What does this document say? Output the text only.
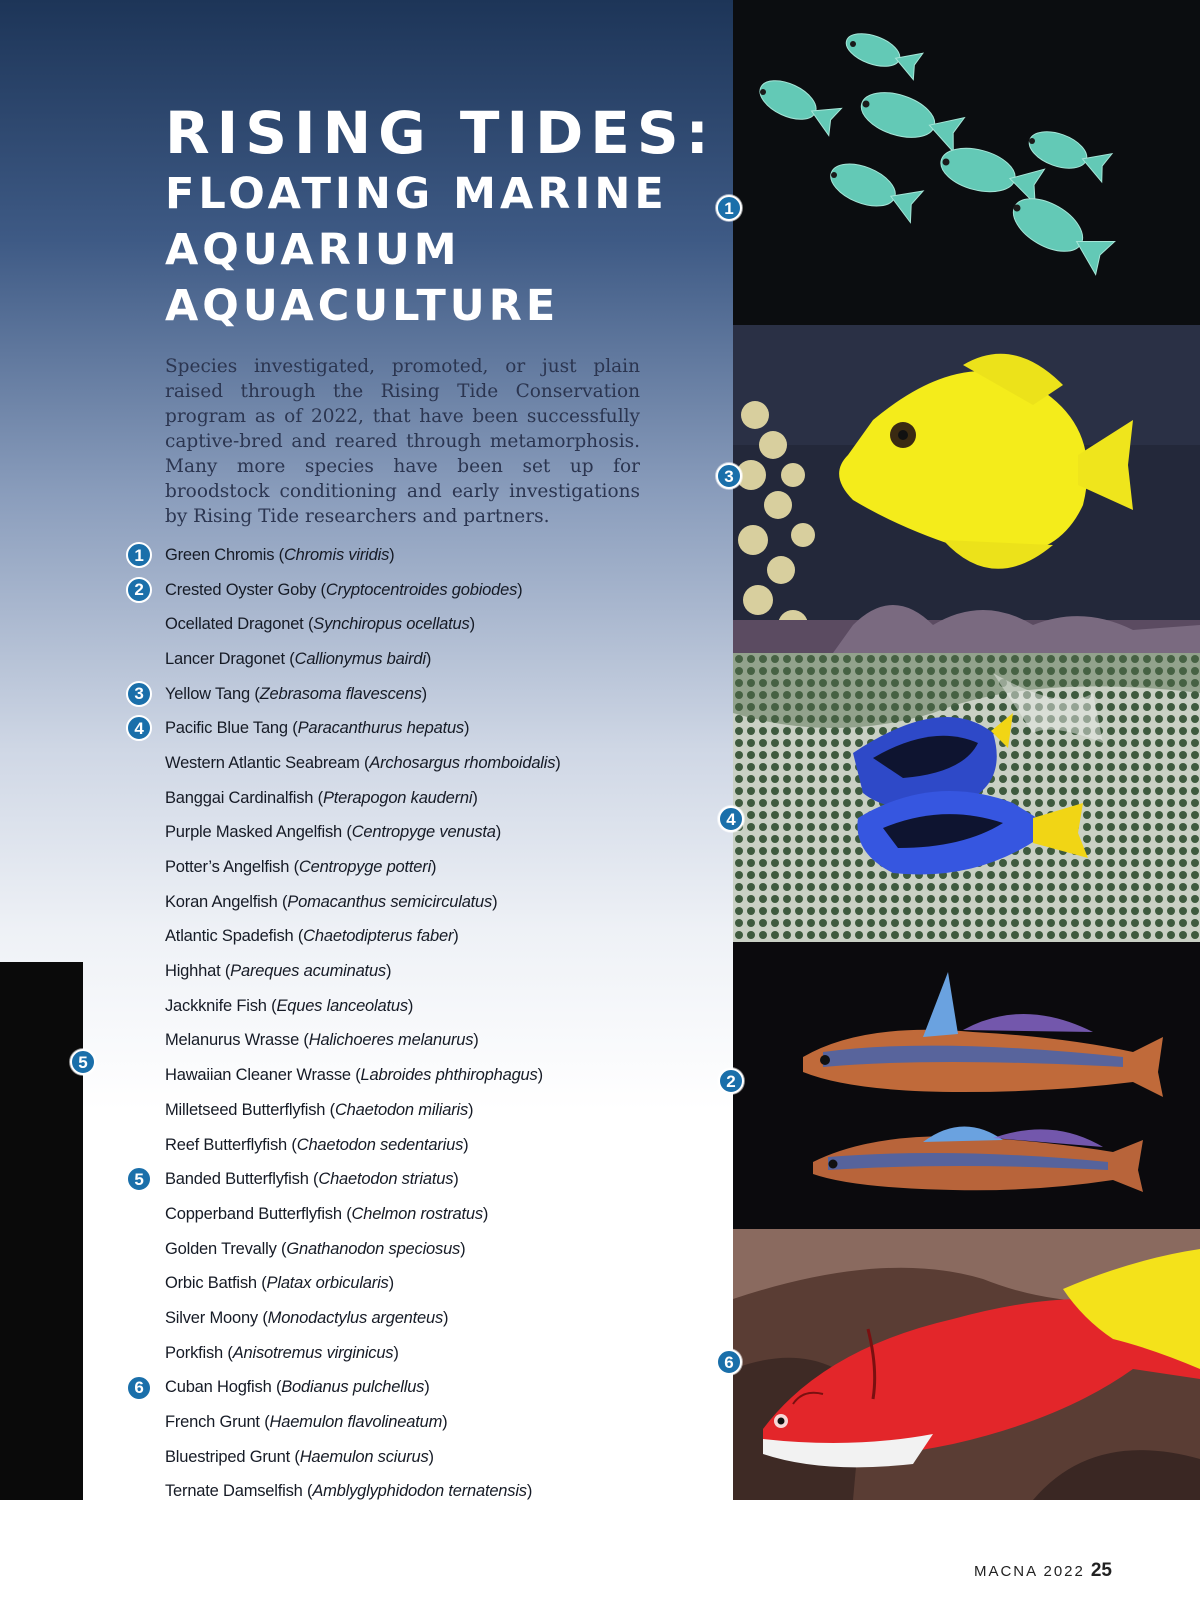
5
RISING TIDES:
FLOATING MARINE AQUARIUM AQUACULTURE

Species investigated, promoted, or just plain raised through the Rising Tide Conservation program as of 2022, that have been successfully captive-bred and reared through metamorphosis. Many more species have been set up for broodstock conditioning and early investigations by Rising Tide researchers and partners.

1	Green Chromis ( Chromis viridis )
2	Crested Oyster Goby ( Cryptocentroides gobiodes )
Ocellated Dragonet ( Synchiropus ocellatus )
Lancer Dragonet ( Callionymus bairdi )
3	Yellow Tang ( Zebrasoma flavescens )
4	Pacific Blue Tang ( Paracanthurus hepatus )
Western Atlantic Seabream ( Archosargus rhomboidalis )
Banggai Cardinalfish ( Pterapogon kauderni )
Purple Masked Angelfish ( Centropyge venusta )
Potter’s Angelfish ( Centropyge potteri )
Koran Angelfish ( Pomacanthus semicirculatus )
Atlantic Spadefish ( Chaetodipterus faber )
Highhat ( Pareques acuminatus )
Jackknife Fish ( Eques lanceolatus )
Melanurus Wrasse ( Halichoeres melanurus )
Hawaiian Cleaner Wrasse ( Labroides phthirophagus )
Milletseed Butterflyfish ( Chaetodon miliaris )
Reef Butterflyfish ( Chaetodon sedentarius )
5	Banded Butterflyfish ( Chaetodon striatus )
Copperband Butterflyfish ( Chelmon rostratus )
Golden Trevally ( Gnathanodon speciosus )
Orbic Batfish ( Platax orbicularis )
Silver Moony ( Monodactylus argenteus )
Porkfish ( Anisotremus virginicus )
6	Cuban Hogfish ( Bodianus pulchellus )
French Grunt ( Haemulon flavolineatum )
Bluestriped Grunt ( Haemulon sciurus )
Ternate Damselfish ( Amblyglyphidodon ternatensis )
1
3
4
2
6
MACNA 2022 25
